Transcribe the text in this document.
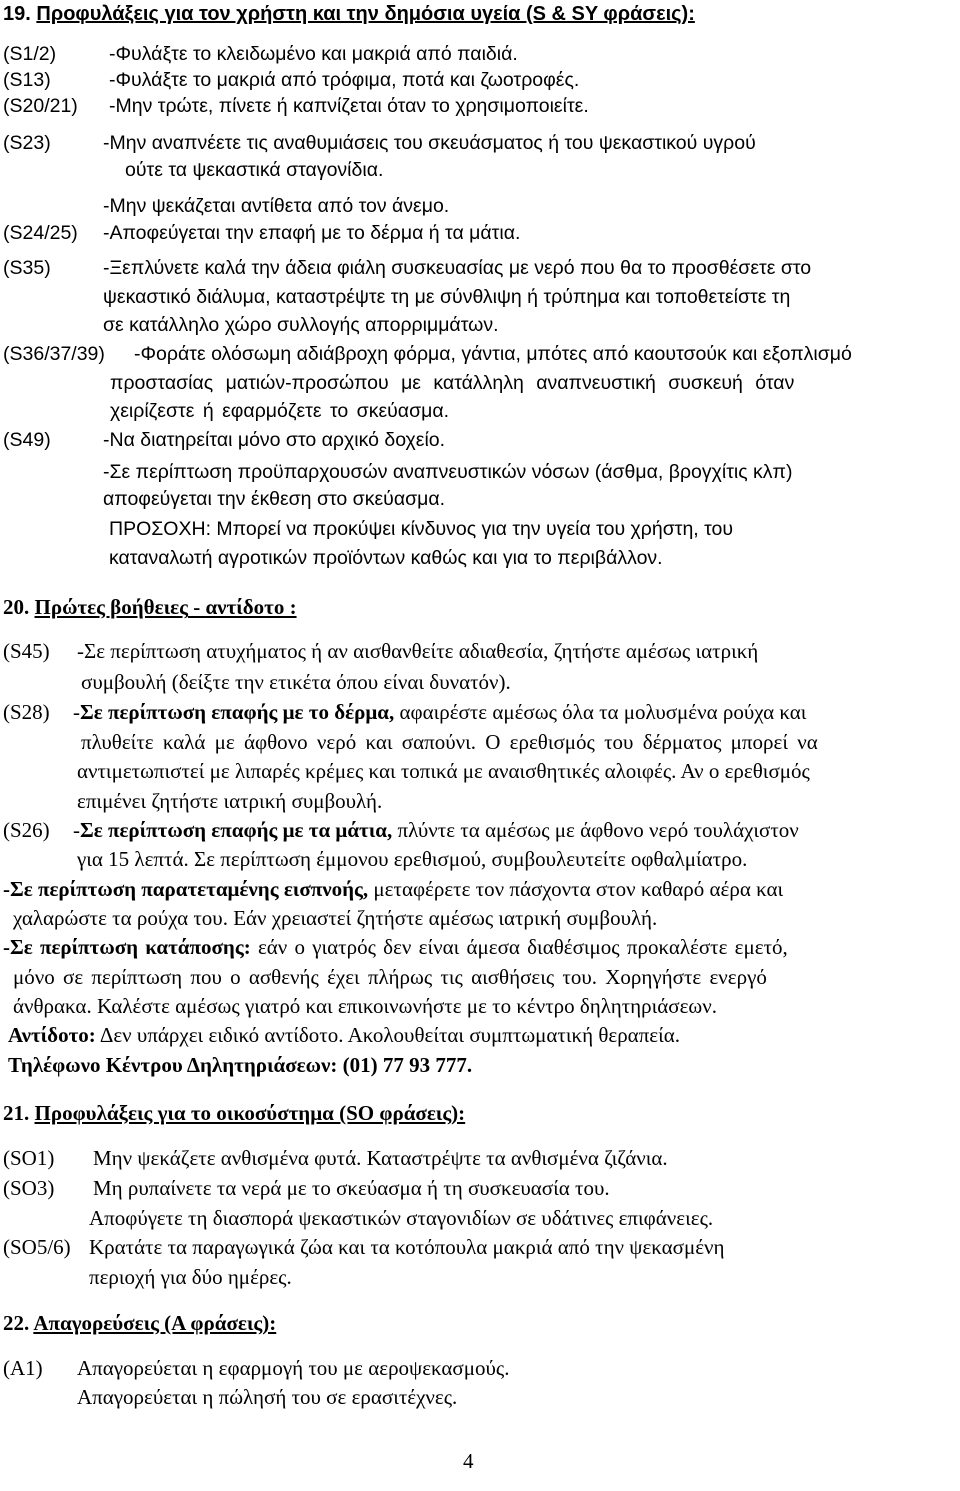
19. Προφυλάξεις για τον χρήστη και την δημόσια υγεία (S & SY φράσεις):
(S1/2)	-Φυλάξτε το κλειδωμένο και μακριά από παιδιά.
(S13)	-Φυλάξτε το μακριά από τρόφιμα, ποτά και ζωοτροφές.
(S20/21) -Μην τρώτε, πίνετε ή καπνίζεται όταν το χρησιμοποιείτε.
(S23)	-Μην αναπνέετε τις αναθυμιάσεις του σκευάσματος ή του ψεκαστικού υγρού
ούτε τα ψεκαστικά σταγονίδια.
-Μην ψεκάζεται αντίθετα από τον άνεμο.
(S24/25) -Αποφεύγεται την επαφή με το δέρμα ή τα μάτια.
(S35)	-Ξεπλύνετε καλά την άδεια φιάλη συσκευασίας με νερό που θα το προσθέσετε στο
ψεκαστικό διάλυμα, καταστρέψτε τη με σύνθλιψη ή τρύπημα και τοποθετείστε τη
σε κατάλληλο χώρο συλλογής απορριμμάτων.
(S36/37/39) -Φοράτε ολόσωμη αδιάβροχη φόρμα, γάντια, μπότες από καουτσούκ και εξοπλισμό
προστασίας ματιών-προσώπου με κατάλληλη αναπνευστική συσκευή όταν
χειρίζεστε ή εφαρμόζετε το σκεύασμα.
(S49)	-Να διατηρείται μόνο στο αρχικό δοχείο.
-Σε περίπτωση προϋπαρχουσών αναπνευστικών νόσων (άσθμα, βρογχίτις κλπ)
αποφεύγεται την έκθεση στο σκεύασμα.
ΠΡΟΣΟΧΗ: Μπορεί να προκύψει κίνδυνος για την υγεία του χρήστη, του
καταναλωτή αγροτικών προϊόντων καθώς και για το περιβάλλον.
20. Πρώτες βοήθειες - αντίδοτο :
(S45) -Σε περίπτωση ατυχήματος ή αν αισθανθείτε αδιαθεσία, ζητήστε αμέσως ιατρική
συμβουλή (δείξτε την ετικέτα όπου είναι δυνατόν).
(S28) -Σε περίπτωση επαφής με το δέρμα, αφαιρέστε αμέσως όλα τα μολυσμένα ρούχα και
πλυθείτε καλά με άφθονο νερό και σαπούνι. Ο ερεθισμός του δέρματος μπορεί να
αντιμετωπιστεί με λιπαρές κρέμες και τοπικά με αναισθητικές αλοιφές. Αν ο ερεθισμός
επιμένει ζητήστε ιατρική συμβουλή.
(S26) -Σε περίπτωση επαφής με τα μάτια, πλύντε τα αμέσως με άφθονο νερό τουλάχιστον
για 15 λεπτά. Σε περίπτωση έμμονου ερεθισμού, συμβουλευτείτε οφθαλμίατρο.
-Σε περίπτωση παρατεταμένης εισπνοής, μεταφέρετε τον πάσχοντα στον καθαρό αέρα και
χαλαρώστε τα ρούχα του. Εάν χρειαστεί ζητήστε αμέσως ιατρική συμβουλή.
-Σε περίπτωση κατάποσης: εάν ο γιατρός δεν είναι άμεσα διαθέσιμος προκαλέστε εμετό,
μόνο σε περίπτωση που ο ασθενής έχει πλήρως τις αισθήσεις του. Χορηγήστε ενεργό
άνθρακα. Καλέστε αμέσως γιατρό και επικοινωνήστε με το κέντρο δηλητηριάσεων.
Αντίδοτο: Δεν υπάρχει ειδικό αντίδοτο. Ακολουθείται συμπτωματική θεραπεία.
Τηλέφωνο Κέντρου Δηλητηριάσεων: (01) 77 93 777.
21. Προφυλάξεις για το οικοσύστημα (SO φράσεις):
(SO1) Μην ψεκάζετε ανθισμένα φυτά. Καταστρέψτε τα ανθισμένα ζιζάνια.
(SO3) Μη ρυπαίνετε τα νερά με το σκεύασμα ή τη συσκευασία του.
Αποφύγετε τη διασπορά ψεκαστικών σταγονιδίων σε υδάτινες επιφάνειες.
(SO5/6) Κρατάτε τα παραγωγικά ζώα και τα κοτόπουλα μακριά από την ψεκασμένη
περιοχή για δύο ημέρες.
22. Απαγορεύσεις (Α φράσεις):
(Α1) Απαγορεύεται η εφαρμογή του με αεροψεκασμούς.
Απαγορεύεται η πώλησή του σε ερασιτέχνες.
4
